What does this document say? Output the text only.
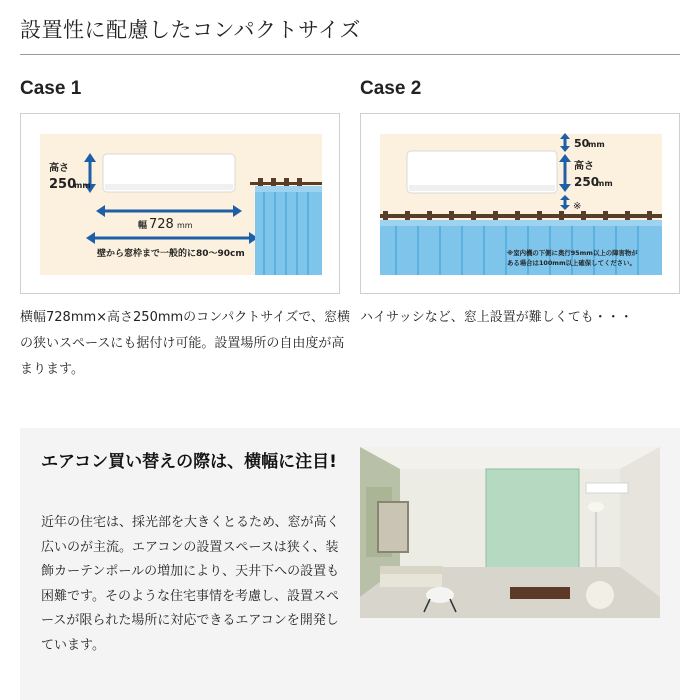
設置性に配慮したコンパクトサイズ
Case 1
高さ
250
mm
幅 728 mm
壁から窓枠まで一般的に80〜90cm
横幅728mm×高さ250mmのコンパクトサイズで、窓横の狭いスペースにも据付け可能。設置場所の自由度が高まります。
Case 2
50
mm
高さ
250
mm
※
※室内機の下側に奥行95mm以上の障害物が
ある場合は100mm以上確保してください。
ハイサッシなど、窓上設置が難しくても・・・
エアコン買い替えの際は、横幅に注目!
近年の住宅は、採光部を大きくとるため、窓が高く広いのが主流。エアコンの設置スペースは狭く、装飾カーテンポールの増加により、天井下への設置も困難です。そのような住宅事情を考慮し、設置スペースが限られた場所に対応できるエアコンを開発しています。
